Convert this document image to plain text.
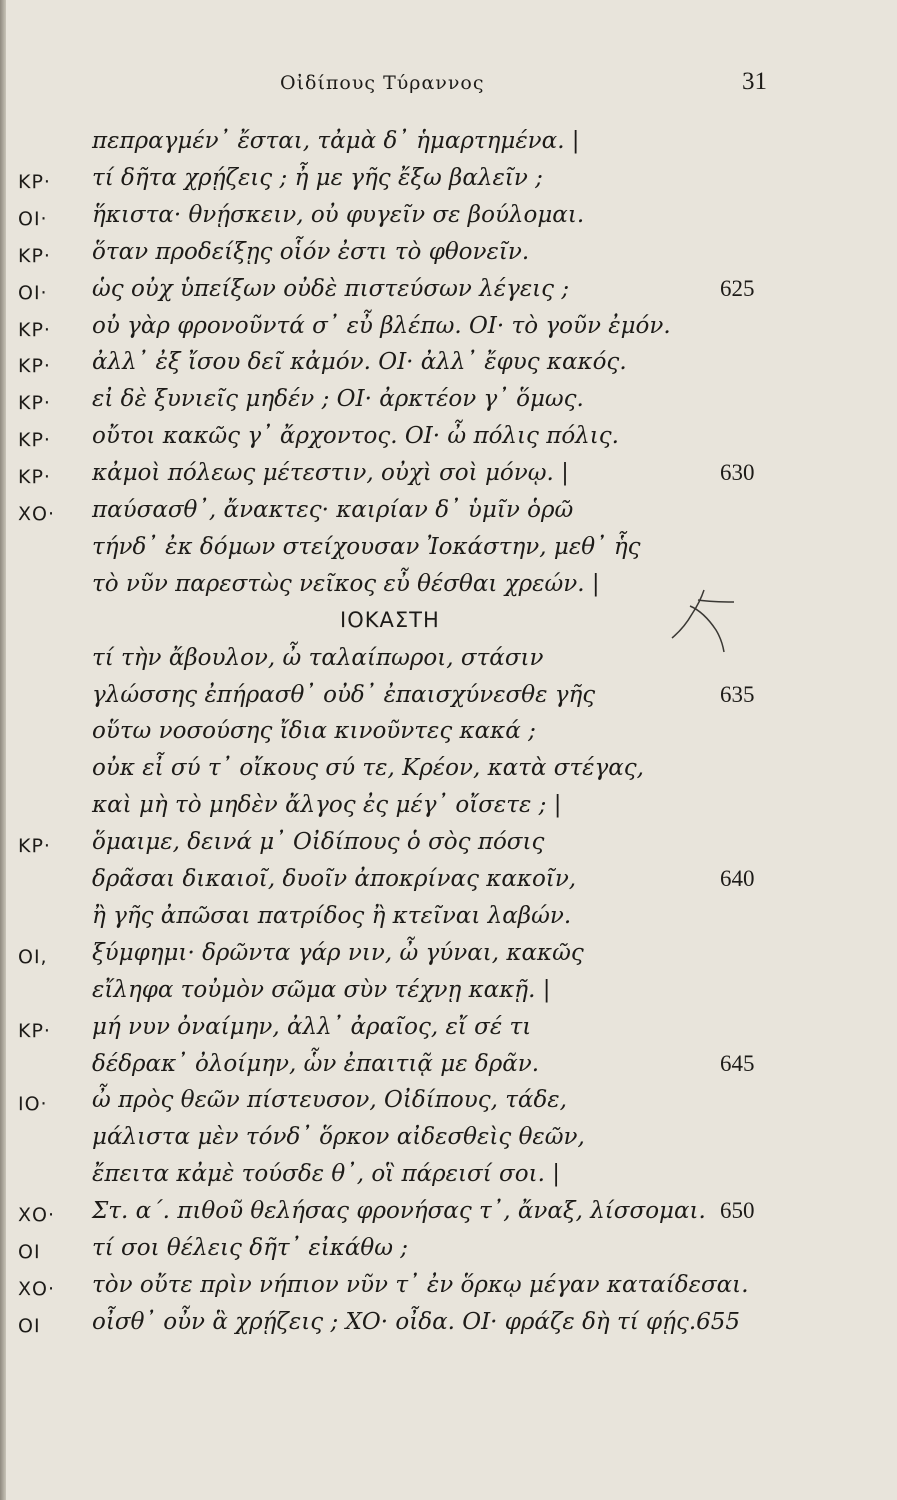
Οἰδίπους Τύραννος	31
πεπραγμέν᾽ ἔσται, τἀμὰ δ᾽ ἡμαρτημένα. |
ΚΡ· τί δῆτα χρῄζεις ; ἦ με γῆς ἔξω βαλεῖν ;
ΟΙ· ἥκιστα· θνῄσκειν, οὐ φυγεῖν σε βούλομαι.
ΚΡ· ὅταν προδείξῃς οἷόν ἐστι τὸ φθονεῖν.
ΟΙ· ὡς οὐχ ὑπείξων οὐδὲ πιστεύσων λέγεις ;	625
ΚΡ· οὐ γὰρ φρονοῦντά σ᾽ εὖ βλέπω. ΟΙ· τὸ γοῦν ἐμόν.
ΚΡ· ἀλλ᾽ ἐξ ἴσου δεῖ κἀμόν. ΟΙ· ἀλλ᾽ ἔφυς κακός.
ΚΡ· εἰ δὲ ξυνιεῖς μηδέν ; ΟΙ· ἀρκτέον γ᾽ ὅμως.
ΚΡ· οὔτοι κακῶς γ᾽ ἄρχοντος. ΟΙ· ὦ πόλις πόλις.
ΚΡ· κἀμοὶ πόλεως μέτεστιν, οὐχὶ σοὶ μόνῳ. |	630
ΧΟ· παύσασθ᾽, ἄνακτες· καιρίαν δ᾽ ὑμῖν ὁρῶ
τήνδ᾽ ἐκ δόμων στείχουσαν Ἰοκάστην, μεθ᾽ ἧς
τὸ νῦν παρεστὼς νεῖκος εὖ θέσθαι χρεών. |
ΙΟΚΑΣΤΗ
τί τὴν ἄβουλον, ὦ ταλαίπωροι, στάσιν
γλώσσης ἐπήρασθ᾽ οὐδ᾽ ἐπαισχύνεσθε γῆς	635
οὕτω νοσούσης ἴδια κινοῦντες κακά ;
οὐκ εἶ σύ τ᾽ οἴκους σύ τε, Κρέον, κατὰ στέγας,
καὶ μὴ τὸ μηδὲν ἄλγος ἐς μέγ᾽ οἴσετε ; |
ΚΡ· ὅμαιμε, δεινά μ᾽ Οἰδίπους ὁ σὸς πόσις
δρᾶσαι δικαιοῖ, δυοῖν ἀποκρίνας κακοῖν,	640
ἢ γῆς ἀπῶσαι πατρίδος ἢ κτεῖναι λαβών.
ΟΙ, ξύμφημι· δρῶντα γάρ νιν, ὦ γύναι, κακῶς
εἴληφα τοὐμὸν σῶμα σὺν τέχνῃ κακῇ. |
ΚΡ· μή νυν ὀναίμην, ἀλλ᾽ ἀραῖος, εἴ σέ τι
δέδρακ᾽ ὀλοίμην, ὧν ἐπαιτιᾷ με δρᾶν.	645
ΙΟ· ὦ πρὸς θεῶν πίστευσον, Οἰδίπους, τάδε,
μάλιστα μὲν τόνδ᾽ ὅρκον αἰδεσθεὶς θεῶν,
ἔπειτα κἀμὲ τούσδε θ᾽, οἳ πάρεισί σοι. |
ΧΟ· Στ. α΄. πιθοῦ θελήσας φρονήσας τ᾽, ἄναξ, λίσσομαι. 650
ΟΙ τί σοι θέλεις δῆτ᾽ εἰκάθω ;
ΧΟ· τὸν οὔτε πρὶν νήπιον νῦν τ᾽ ἐν ὅρκῳ μέγαν καταίδεσαι.
ΟΙ οἶσθ᾽ οὖν ἃ χρῄζεις ; ΧΟ· οἶδα. ΟΙ· φράζε δὴ τί φῄς.655
